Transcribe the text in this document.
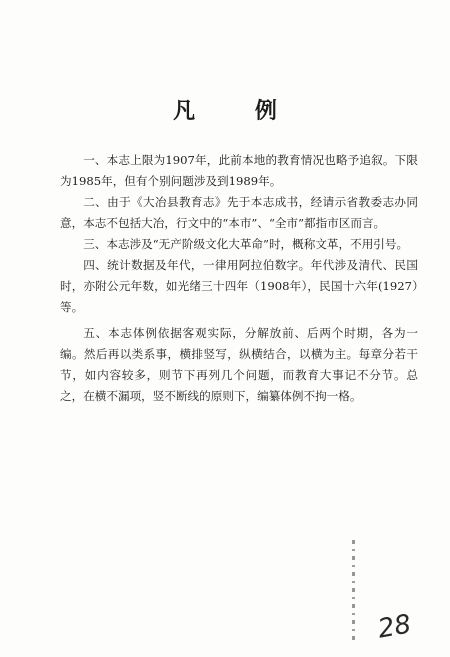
凡 例

一、本志上限为1907年，此前本地的教育情况也略予追叙。下限为1985年，但有个别问题涉及到1989年。

二、由于《大冶县教育志》先于本志成书，经请示省教委志办同意，本志不包括大冶，行文中的“本市”、“全市”都指市区而言。

三、本志涉及“无产阶级文化大革命”时，概称文革，不用引号。

四、统计数据及年代，一律用阿拉伯数字。年代涉及清代、民国时，亦附公元年数，如光绪三十四年（1908年），民国十六年(1927）等。

五、本志体例依据客观实际，分解放前、后两个时期，各为一编。然后再以类系事，横排竖写，纵横结合，以横为主。每章分若干节，如内容较多，则节下再列几个问题，而教育大事记不分节。总之，在横不漏项，竖不断线的原则下，编纂体例不拘一格。

28
